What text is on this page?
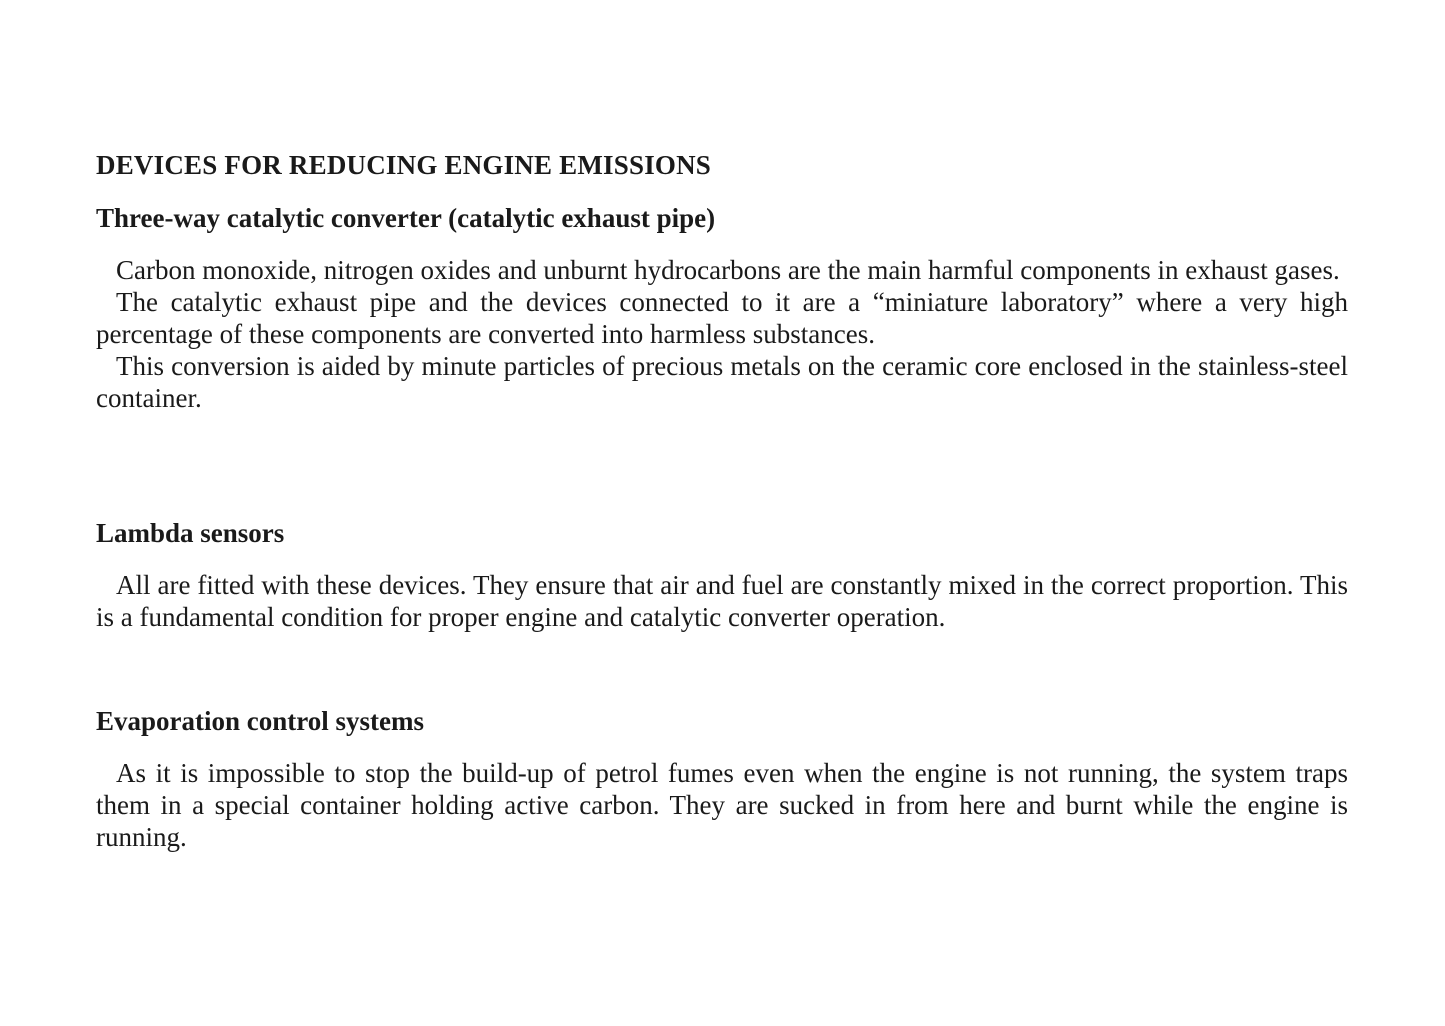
DEVICES FOR REDUCING ENGINE EMISSIONS
Three-way catalytic converter (catalytic exhaust pipe)

Carbon monoxide, nitrogen oxides and unburnt hydrocarbons are the main harmful components in exhaust gases.

The catalytic exhaust pipe and the devices connected to it are a “miniature laboratory” where a very high percentage of these components are converted into harmless substances.

This conversion is aided by minute particles of precious metals on the ceramic core enclosed in the stainless-steel container.

Lambda sensors

All are fitted with these devices. They ensure that air and fuel are constantly mixed in the correct proportion. This is a fundamental condition for proper engine and catalytic converter operation.

Evaporation control systems

As it is impossible to stop the build-up of petrol fumes even when the engine is not running, the system traps them in a special container holding active carbon. They are sucked in from here and burnt while the engine is running.
